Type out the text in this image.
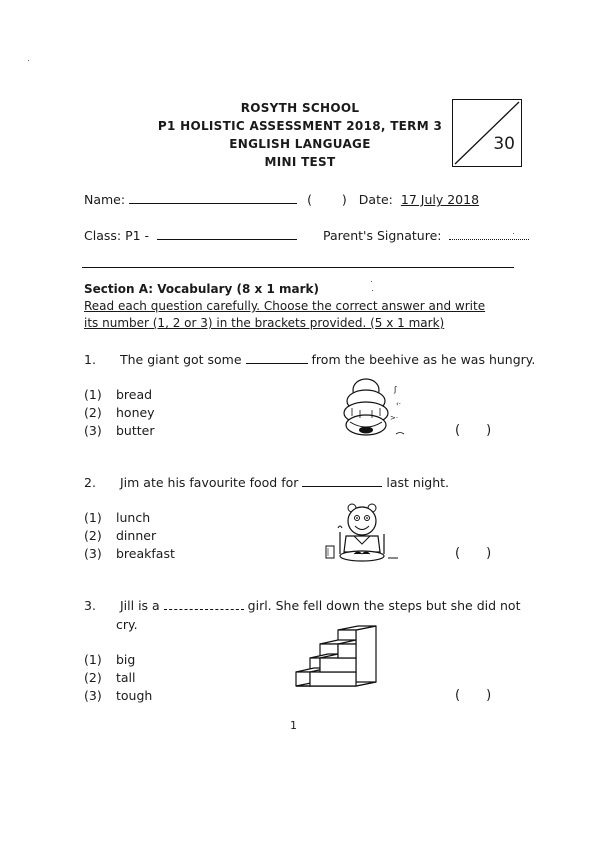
ROSYTH SCHOOL
P1 HOLISTIC ASSESSMENT 2018, TERM 3
ENGLISH LANGUAGE
MINI TEST
30
Name:	( ) Date: 17 July 2018
Class: P1 -	Parent's Signature:
Section A: Vocabulary (8 x 1 mark)
Read each question carefully. Choose the correct answer and write
its number (1, 2 or 3) in the brackets provided. (5 x 1 mark)
1. The giant got some	from the beehive as he was hungry.
(1) bread
(2) honey
(3) butter	( )
ʃ
‹·
>·
2. Jim ate his favourite food for	last night.
(1) lunch
(2) dinner
(3) breakfast	( )
3. Jill is a	girl. She fell down the steps but she did not
cry.
(1) big
(2) tall
(3) tough	( )
1
